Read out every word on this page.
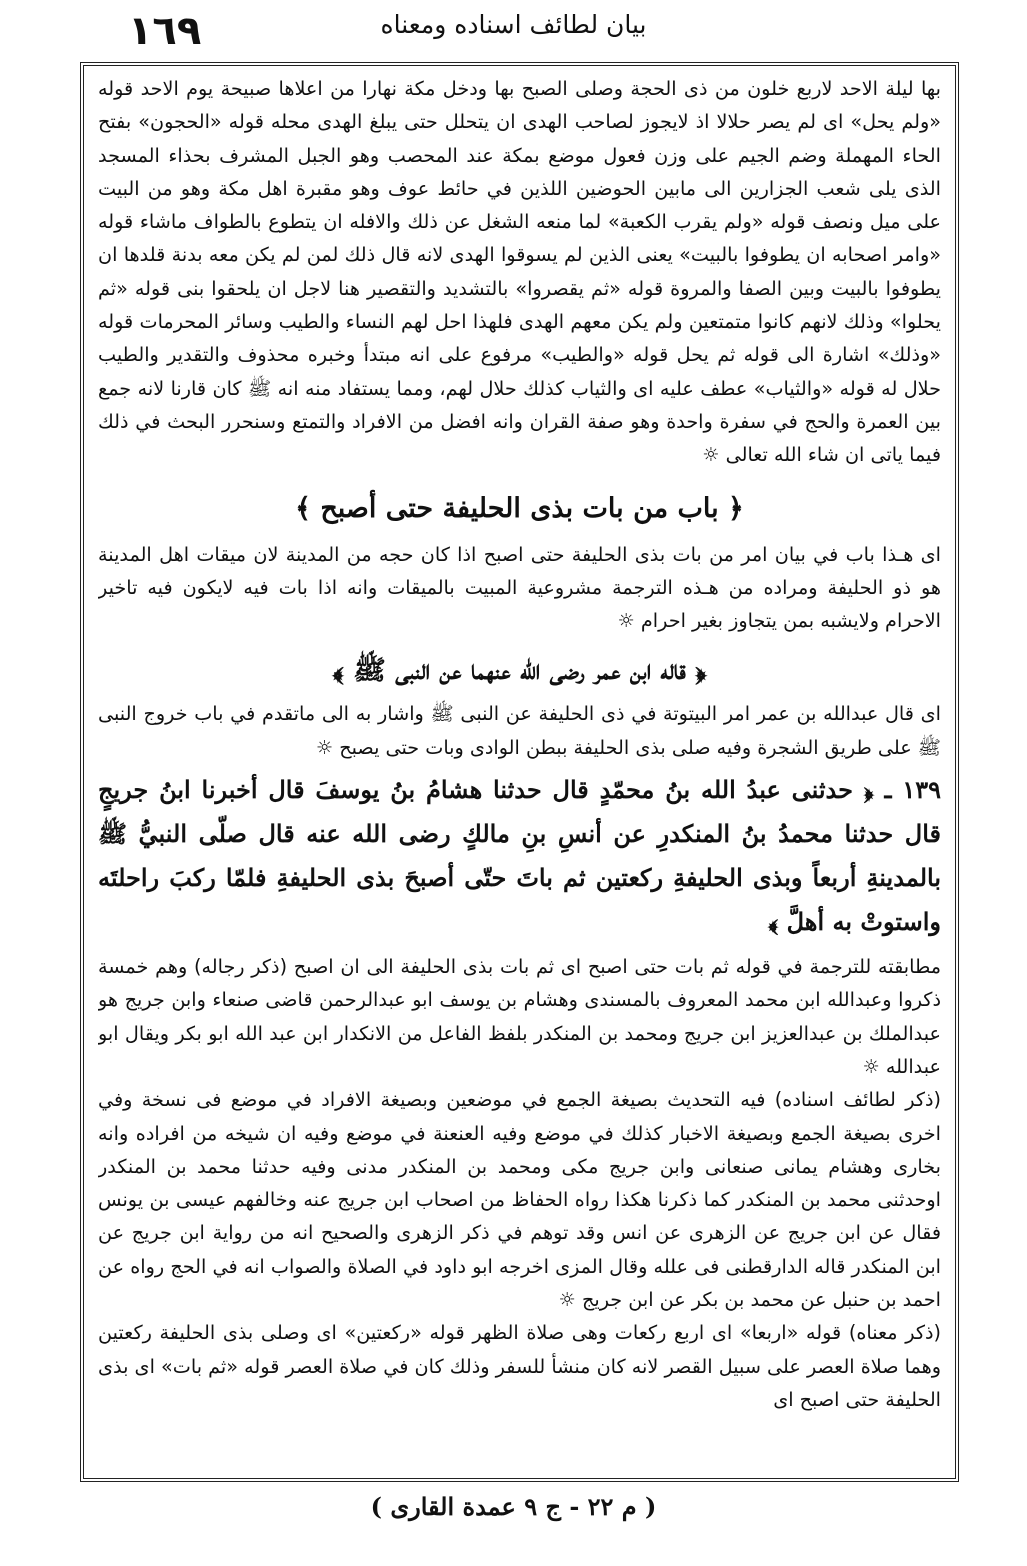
١٦٩	بيان لطائف اسناده ومعناه

بها ليلة الاحد لاربع خلون من ذى الحجة وصلى الصبح بها ودخل مكة نهارا من اعلاها صبيحة يوم الاحد قوله «ولم يحل» اى لم يصر حلالا اذ لايجوز لصاحب الهدى ان يتحلل حتى يبلغ الهدى محله قوله «الحجون» بفتح الحاء المهملة وضم الجيم على وزن فعول موضع بمكة عند المحصب وهو الجبل المشرف بحذاء المسجد الذى يلى شعب الجزارين الى مابين الحوضين اللذين في حائط عوف وهو مقبرة اهل مكة وهو من البيت على ميل ونصف قوله «ولم يقرب الكعبة» لما منعه الشغل عن ذلك والافله ان يتطوع بالطواف ماشاء قوله «وامر اصحابه ان يطوفوا بالبيت» يعنى الذين لم يسوقوا الهدى لانه قال ذلك لمن لم يكن معه بدنة قلدها ان يطوفوا بالبيت وبين الصفا والمروة قوله «ثم يقصروا» بالتشديد والتقصير هنا لاجل ان يلحقوا بنى قوله «ثم يحلوا» وذلك لانهم كانوا متمتعين ولم يكن معهم الهدى فلهذا احل لهم النساء والطيب وسائر المحرمات قوله «وذلك» اشارة الى قوله ثم يحل قوله «والطيب» مرفوع على انه مبتدأ وخبره محذوف والتقدير والطيب حلال له قوله «والثياب» عطف عليه اى والثياب كذلك حلال لهم، ومما يستفاد منه انه ﷺ كان قارنا لانه جمع بين العمرة والحج في سفرة واحدة وهو صفة القران وانه افضل من الافراد والتمتع وسنحرر البحث في ذلك فيما ياتى ان شاء الله تعالى ☼

﴿ باب من بات بذى الحليفة حتى أصبح ﴾

اى هـذا باب في بيان امر من بات بذى الحليفة حتى اصبح اذا كان حجه من المدينة لان ميقات اهل المدينة هو ذو الحليفة ومراده من هـذه الترجمة مشروعية المبيت بالميقات وانه اذا بات فيه لايكون فيه تاخير الاحرام ولايشبه بمن يتجاوز بغير احرام ☼

﴿ قاله ابن عمر رضى الله عنهما عن النبى ﷺ ﴾

اى قال عبدالله بن عمر امر البيتوتة في ذى الحليفة عن النبى ﷺ واشار به الى ماتقدم في باب خروج النبى ﷺ على طريق الشجرة وفيه صلى بذى الحليفة ببطن الوادى وبات حتى يصبح ☼

١٣٩ ـ ﴿ حدثنى عبدُ الله بنُ محمّدٍ قال حدثنا هشامُ بنُ يوسفَ قال أخبرنا ابنُ جريجٍ قال حدثنا محمدُ بنُ المنكدرِ عن أنسِ بنِ مالكٍ رضى الله عنه قال صلّى النبيُّ ﷺ بالمدينةِ أربعاً وبذى الحليفةِ ركعتين ثم باتَ حتّى أصبحَ بذى الحليفةِ فلمّا ركبَ راحلتَه واستوتْ به أهلَّ ﴾

مطابقته للترجمة في قوله ثم بات حتى اصبح اى ثم بات بذى الحليفة الى ان اصبح (ذكر رجاله) وهم خمسة ذكروا وعبدالله ابن محمد المعروف بالمسندى وهشام بن يوسف ابو عبدالرحمن قاضى صنعاء وابن جريج هو عبدالملك بن عبدالعزيز ابن جريج ومحمد بن المنكدر بلفظ الفاعل من الانكدار ابن عبد الله ابو بكر ويقال ابو عبدالله ☼

(ذكر لطائف اسناده) فيه التحديث بصيغة الجمع في موضعين وبصيغة الافراد في موضع فى نسخة وفي اخرى بصيغة الجمع وبصيغة الاخبار كذلك في موضع وفيه العنعنة في موضع وفيه ان شيخه من افراده وانه بخارى وهشام يمانى صنعانى وابن جريج مكى ومحمد بن المنكدر مدنى وفيه حدثنا محمد بن المنكدر اوحدثنى محمد بن المنكدر كما ذكرنا هكذا رواه الحفاظ من اصحاب ابن جريج عنه وخالفهم عيسى بن يونس فقال عن ابن جريج عن الزهرى عن انس وقد توهم في ذكر الزهرى والصحيح انه من رواية ابن جريج عن ابن المنكدر قاله الدارقطنى فى علله وقال المزى اخرجه ابو داود في الصلاة والصواب انه في الحج رواه عن احمد بن حنبل عن محمد بن بكر عن ابن جريج ☼

(ذكر معناه) قوله «اربعا» اى اربع ركعات وهى صلاة الظهر قوله «ركعتين» اى وصلى بذى الحليفة ركعتين وهما صلاة العصر على سبيل القصر لانه كان منشأ للسفر وذلك كان في صلاة العصر قوله «ثم بات» اى بذى الحليفة حتى اصبح اى

( م ٢٢ - ج ٩ عمدة القارى )
